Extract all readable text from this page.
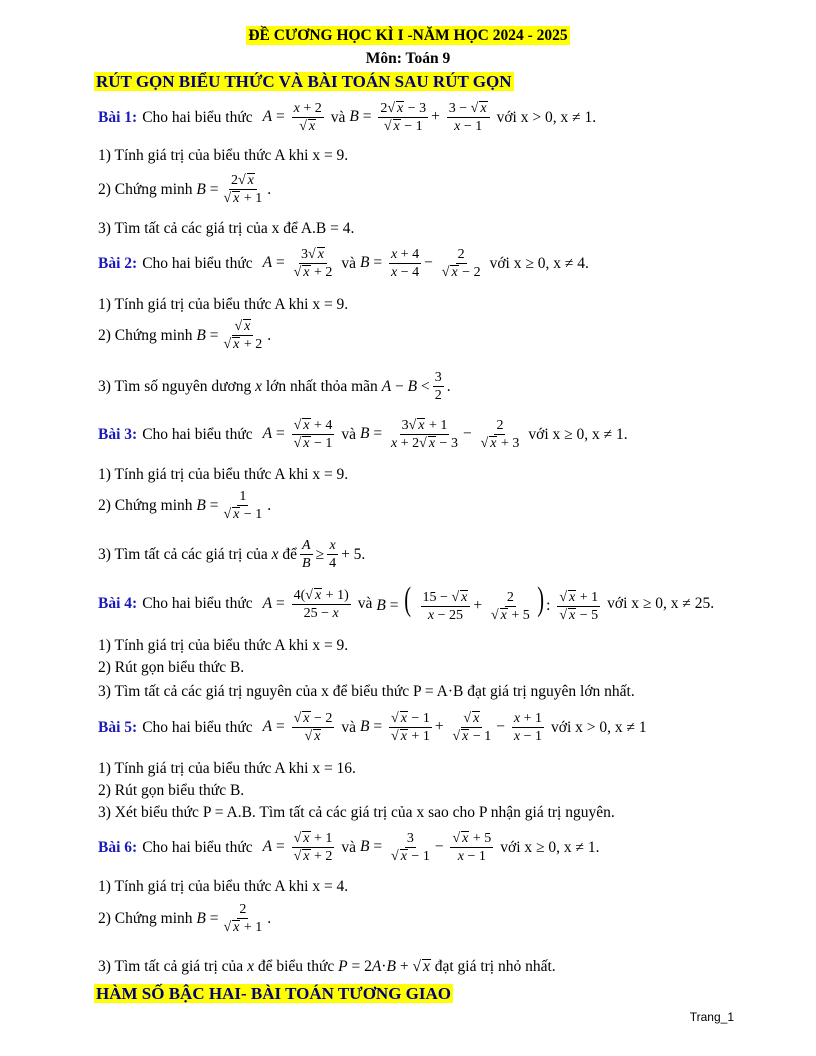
ĐỀ CƯƠNG HỌC KÌ I -NĂM HỌC 2024 - 2025
Môn: Toán 9
RÚT GỌN BIỂU THỨC VÀ BÀI TOÁN SAU RÚT GỌN
Bài 1: Cho hai biểu thức $A = \frac{x + 2}{√ x}$ và $B = \frac{2√ x - 3}{√ x - 1} + \frac{3 - √ x}{x - 1}$ với x > 0, x ≠ 1.
1) Tính giá trị của biểu thức A khi x = 9.
2) Chứng minh $B = \frac{2√ x}{√ x + 1}$ .
3) Tìm tất cả các giá trị của x để A.B = 4.
Bài 2: Cho hai biểu thức $A = \frac{3√ x}{√ x + 2}$ và $B = \frac{x + 4}{x - 4} - \frac{2}{√ x - 2}$ với x ≥ 0, x ≠ 4.
1) Tính giá trị của biểu thức A khi x = 9.
2) Chứng minh $B = \frac{√ x}{√ x + 2}$ .
3) Tìm số nguyên dương x lớn nhất thỏa mãn $A - B < \frac{3}{2}$ .
Bài 3: Cho hai biểu thức $A = \frac{√ x + 4}{√ x - 1}$ và $B = \frac{3√ x + 1}{x + 2√ x - 3} - \frac{2}{√ x + 3}$ với x ≥ 0, x ≠ 1.
1) Tính giá trị của biểu thức A khi x = 9.
2) Chứng minh $B = \frac{1}{√ x - 1}$ .
3) Tìm tất cả các giá trị của x để $\frac{A}{B} \ge \frac{x}{4} + 5$.
Bài 4: Cho hai biểu thức $A = \frac{4(√ x + 1)}{25 - x}$ và B = ( $\frac{15 - √ x}{x - 25} + \frac{2}{√ x + 5}$ ) : $\frac{√ x + 1}{√ x - 5}$ với x ≥ 0, x ≠ 25.
1) Tính giá trị của biểu thức A khi x = 9.
2) Rút gọn biểu thức B.
3) Tìm tất cả các giá trị nguyên của x để biểu thức P = A·B đạt giá trị nguyên lớn nhất.
Bài 5: Cho hai biểu thức $A = \frac{√ x - 2}{√ x}$ và $B = \frac{√ x - 1}{√ x + 1} + \frac{√ x}{√ x - 1} - \frac{x + 1}{x - 1}$ với x > 0, x ≠ 1
1) Tính giá trị của biểu thức A khi x = 16.
2) Rút gọn biểu thức B.
3) Xét biểu thức P = A.B. Tìm tất cả các giá trị của x sao cho P nhận giá trị nguyên.
Bài 6: Cho hai biểu thức $A = \frac{√ x + 1}{√ x + 2}$ và $B = \frac{3}{√ x - 1} - \frac{√ x + 5}{x - 1}$ với x ≥ 0, x ≠ 1.
1) Tính giá trị của biểu thức A khi x = 4.
2) Chứng minh $B = \frac{2}{√ x + 1}$ .
3) Tìm tất cả giá trị của x để biểu thức P = 2 A · B + √ x đạt giá trị nhỏ nhất.
HÀM SỐ BẬC HAI- BÀI TOÁN TƯƠNG GIAO
Trang_1
